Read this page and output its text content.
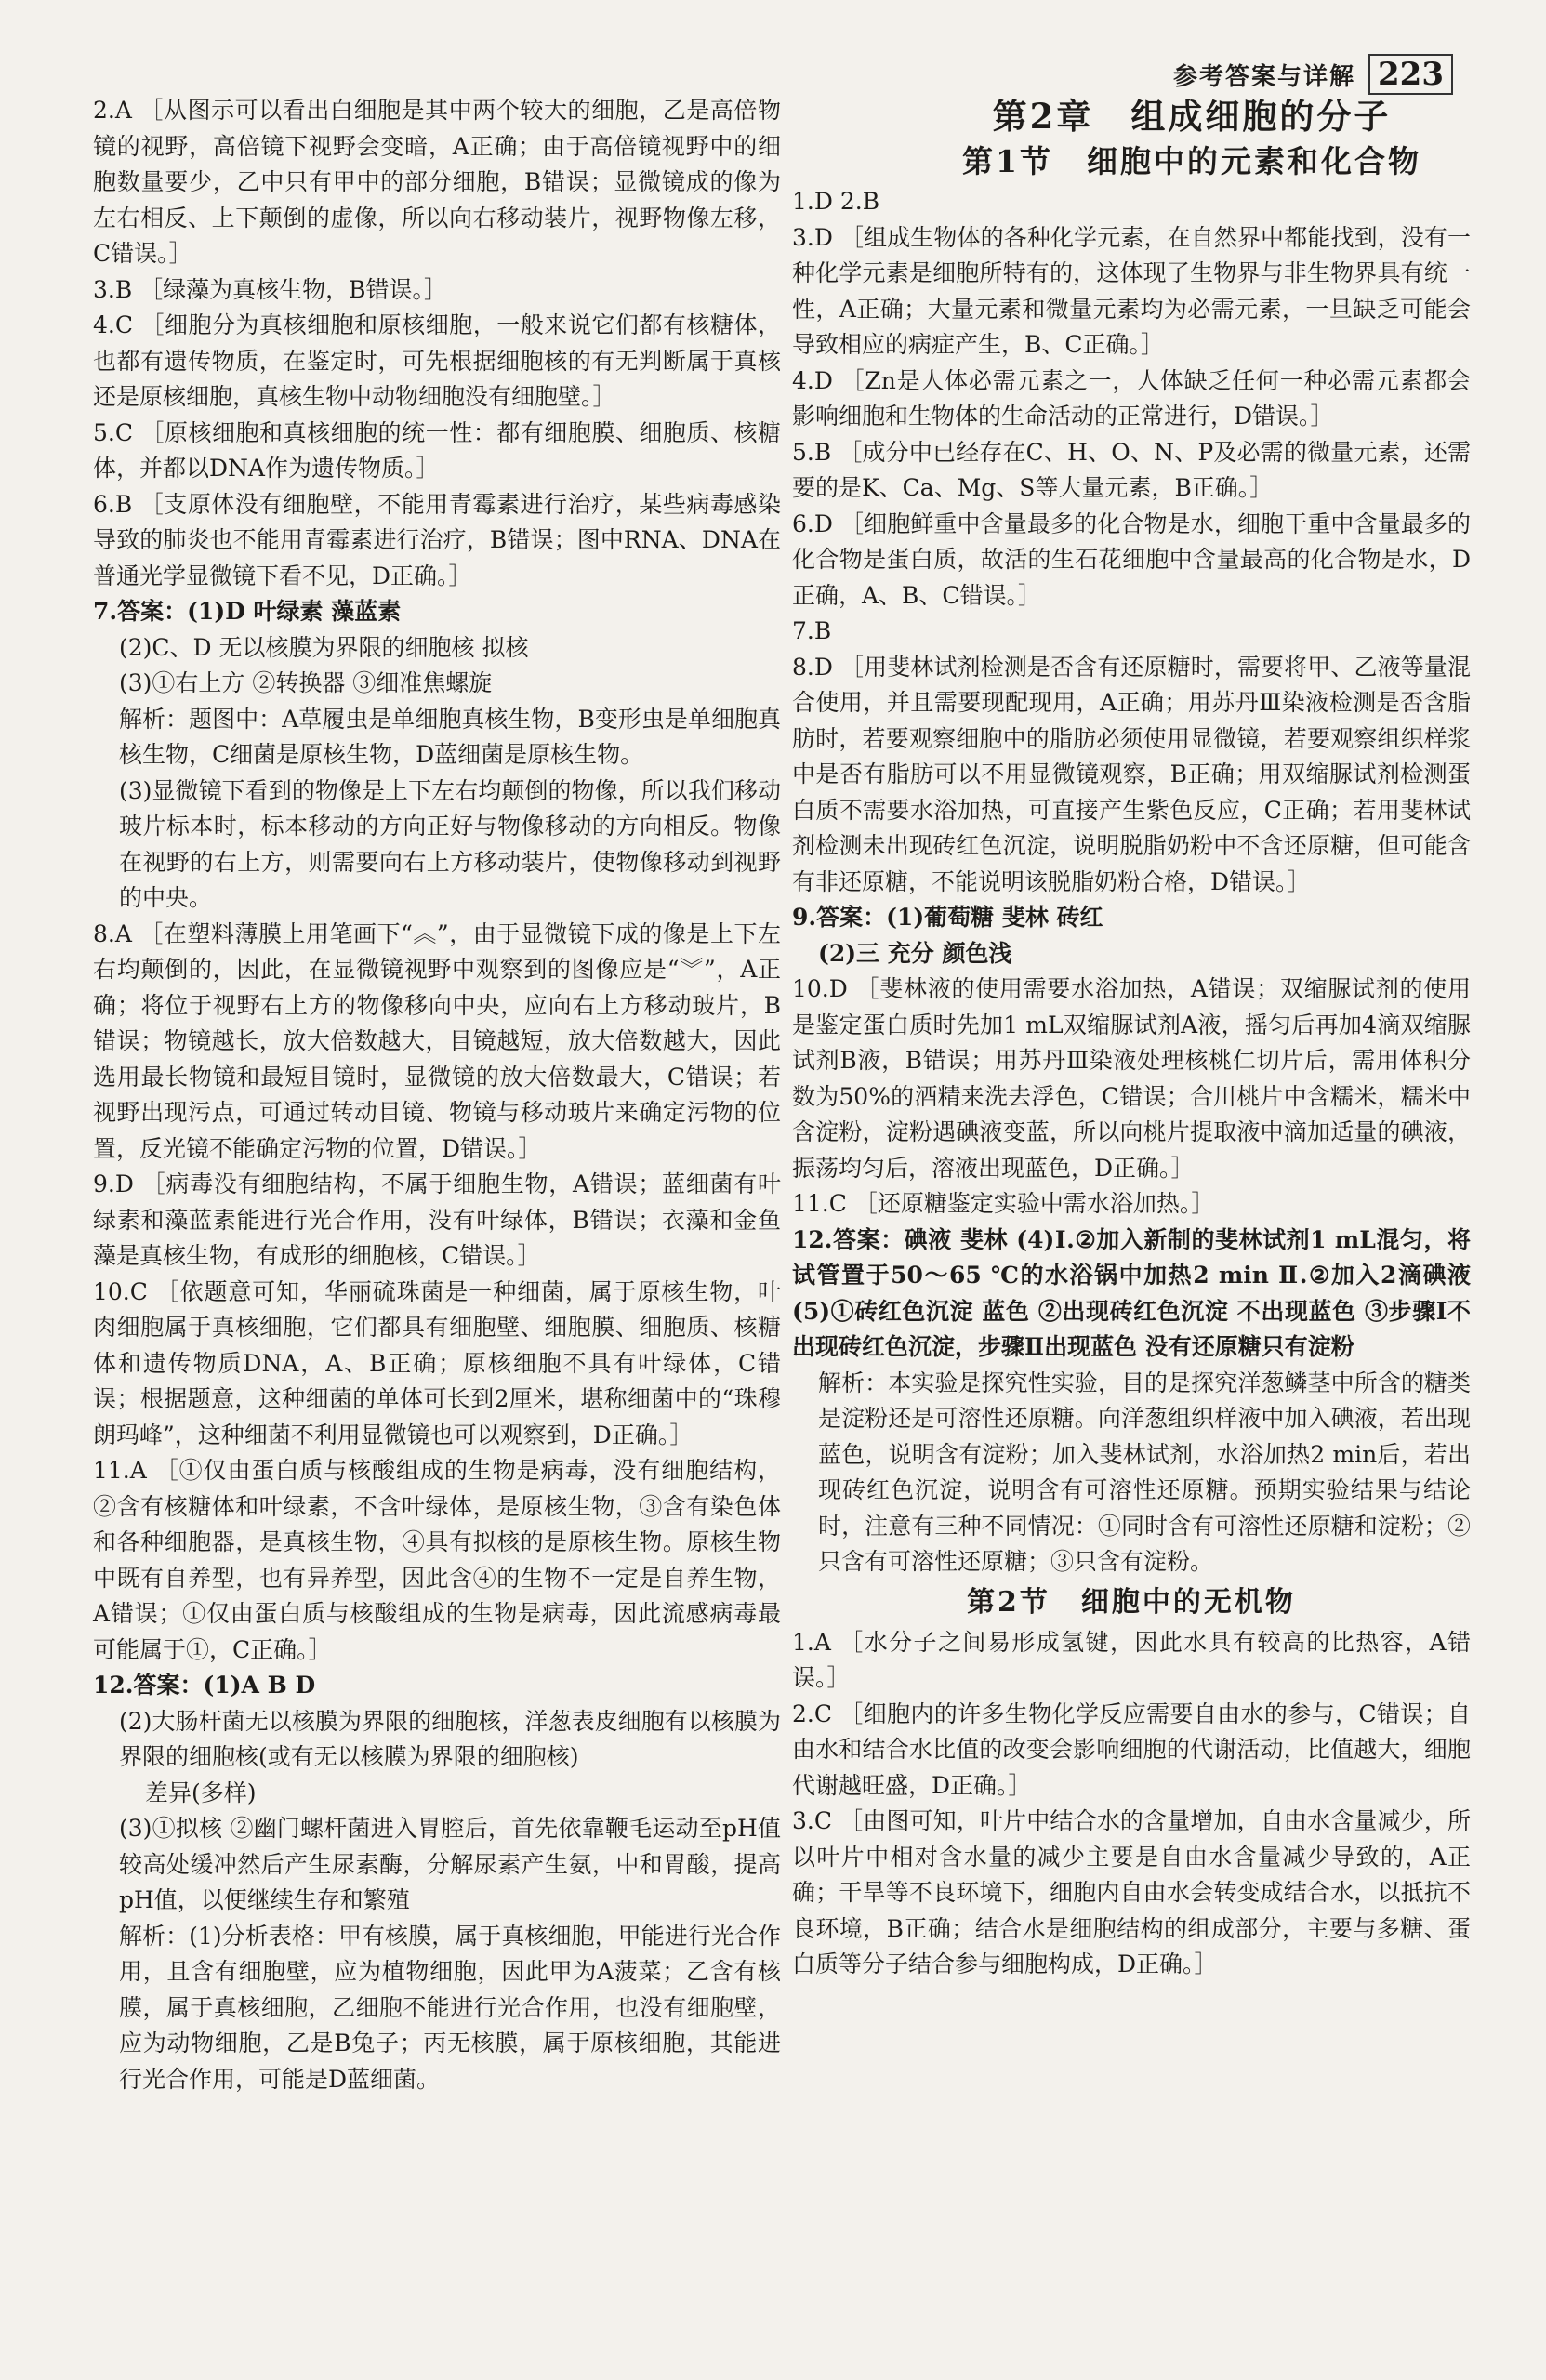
参考答案与详解 223
2.A ［从图示可以看出白细胞是其中两个较大的细胞，乙是高倍物镜的视野，高倍镜下视野会变暗，A正确；由于高倍镜视野中的细胞数量要少，乙中只有甲中的部分细胞，B错误；显微镜成的像为左右相反、上下颠倒的虚像，所以向右移动装片，视野物像左移，C错误。］
3.B ［绿藻为真核生物，B错误。］
4.C ［细胞分为真核细胞和原核细胞，一般来说它们都有核糖体，也都有遗传物质，在鉴定时，可先根据细胞核的有无判断属于真核还是原核细胞，真核生物中动物细胞没有细胞壁。］
5.C ［原核细胞和真核细胞的统一性：都有细胞膜、细胞质、核糖体，并都以DNA作为遗传物质。］
6.B ［支原体没有细胞壁，不能用青霉素进行治疗，某些病毒感染导致的肺炎也不能用青霉素进行治疗，B错误；图中RNA、DNA在普通光学显微镜下看不见，D正确。］
7.答案：(1)D 叶绿素 藻蓝素
(2)C、D 无以核膜为界限的细胞核 拟核
(3)①右上方 ②转换器 ③细准焦螺旋
解析：题图中：A草履虫是单细胞真核生物，B变形虫是单细胞真核生物，C细菌是原核生物，D蓝细菌是原核生物。
(3)显微镜下看到的物像是上下左右均颠倒的物像，所以我们移动玻片标本时，标本移动的方向正好与物像移动的方向相反。物像在视野的右上方，则需要向右上方移动装片，使物像移动到视野的中央。
8.A ［在塑料薄膜上用笔画下“︽”，由于显微镜下成的像是上下左右均颠倒的，因此，在显微镜视野中观察到的图像应是“︾”，A正确；将位于视野右上方的物像移向中央，应向右上方移动玻片，B错误；物镜越长，放大倍数越大，目镜越短，放大倍数越大，因此选用最长物镜和最短目镜时，显微镜的放大倍数最大，C错误；若视野出现污点，可通过转动目镜、物镜与移动玻片来确定污物的位置，反光镜不能确定污物的位置，D错误。］
9.D ［病毒没有细胞结构，不属于细胞生物，A错误；蓝细菌有叶绿素和藻蓝素能进行光合作用，没有叶绿体，B错误；衣藻和金鱼藻是真核生物，有成形的细胞核，C错误。］
10.C ［依题意可知，华丽硫珠菌是一种细菌，属于原核生物，叶肉细胞属于真核细胞，它们都具有细胞壁、细胞膜、细胞质、核糖体和遗传物质DNA，A、B正确；原核细胞不具有叶绿体，C错误；根据题意，这种细菌的单体可长到2厘米，堪称细菌中的“珠穆朗玛峰”，这种细菌不利用显微镜也可以观察到，D正确。］
11.A ［①仅由蛋白质与核酸组成的生物是病毒，没有细胞结构，②含有核糖体和叶绿素，不含叶绿体，是原核生物，③含有染色体和各种细胞器，是真核生物，④具有拟核的是原核生物。原核生物中既有自养型，也有异养型，因此含④的生物不一定是自养生物，A错误；①仅由蛋白质与核酸组成的生物是病毒，因此流感病毒最可能属于①，C正确。］
12.答案：(1)A B D
(2)大肠杆菌无以核膜为界限的细胞核，洋葱表皮细胞有以核膜为界限的细胞核(或有无以核膜为界限的细胞核)
差异(多样)
(3)①拟核 ②幽门螺杆菌进入胃腔后，首先依靠鞭毛运动至pH值较高处缓冲然后产生尿素酶，分解尿素产生氨，中和胃酸，提高pH值，以便继续生存和繁殖
解析：(1)分析表格：甲有核膜，属于真核细胞，甲能进行光合作用，且含有细胞壁，应为植物细胞，因此甲为A菠菜；乙含有核膜，属于真核细胞，乙细胞不能进行光合作用，也没有细胞壁，应为动物细胞，乙是B兔子；丙无核膜，属于原核细胞，其能进行光合作用，可能是D蓝细菌。
第2章　组成细胞的分子
第1节　细胞中的元素和化合物
1.D 2.B
3.D ［组成生物体的各种化学元素，在自然界中都能找到，没有一种化学元素是细胞所特有的，这体现了生物界与非生物界具有统一性，A正确；大量元素和微量元素均为必需元素，一旦缺乏可能会导致相应的病症产生，B、C正确。］
4.D ［Zn是人体必需元素之一，人体缺乏任何一种必需元素都会影响细胞和生物体的生命活动的正常进行，D错误。］
5.B ［成分中已经存在C、H、O、N、P及必需的微量元素，还需要的是K、Ca、Mg、S等大量元素，B正确。］
6.D ［细胞鲜重中含量最多的化合物是水，细胞干重中含量最多的化合物是蛋白质，故活的生石花细胞中含量最高的化合物是水，D正确，A、B、C错误。］
7.B
8.D ［用斐林试剂检测是否含有还原糖时，需要将甲、乙液等量混合使用，并且需要现配现用，A正确；用苏丹Ⅲ染液检测是否含脂肪时，若要观察细胞中的脂肪必须使用显微镜，若要观察组织样浆中是否有脂肪可以不用显微镜观察，B正确；用双缩脲试剂检测蛋白质不需要水浴加热，可直接产生紫色反应，C正确；若用斐林试剂检测未出现砖红色沉淀，说明脱脂奶粉中不含还原糖，但可能含有非还原糖，不能说明该脱脂奶粉合格，D错误。］
9.答案：(1)葡萄糖 斐林 砖红
(2)三 充分 颜色浅
10.D ［斐林液的使用需要水浴加热，A错误；双缩脲试剂的使用是鉴定蛋白质时先加1 mL双缩脲试剂A液，摇匀后再加4滴双缩脲试剂B液，B错误；用苏丹Ⅲ染液处理核桃仁切片后，需用体积分数为50%的酒精来洗去浮色，C错误；合川桃片中含糯米，糯米中含淀粉，淀粉遇碘液变蓝，所以向桃片提取液中滴加适量的碘液，振荡均匀后，溶液出现蓝色，D正确。］
11.C ［还原糖鉴定实验中需水浴加热。］
12.答案：碘液 斐林 (4)Ⅰ.②加入新制的斐林试剂1 mL混匀，将试管置于50～65 ℃的水浴锅中加热2 min Ⅱ.②加入2滴碘液 (5)①砖红色沉淀 蓝色 ②出现砖红色沉淀 不出现蓝色 ③步骤Ⅰ不出现砖红色沉淀，步骤Ⅱ出现蓝色 没有还原糖只有淀粉
解析：本实验是探究性实验，目的是探究洋葱鳞茎中所含的糖类是淀粉还是可溶性还原糖。向洋葱组织样液中加入碘液，若出现蓝色，说明含有淀粉；加入斐林试剂，水浴加热2 min后，若出现砖红色沉淀，说明含有可溶性还原糖。预期实验结果与结论时，注意有三种不同情况：①同时含有可溶性还原糖和淀粉；②只含有可溶性还原糖；③只含有淀粉。
第2节　细胞中的无机物
1.A ［水分子之间易形成氢键，因此水具有较高的比热容，A错误。］
2.C ［细胞内的许多生物化学反应需要自由水的参与，C错误；自由水和结合水比值的改变会影响细胞的代谢活动，比值越大，细胞代谢越旺盛，D正确。］
3.C ［由图可知，叶片中结合水的含量增加，自由水含量减少，所以叶片中相对含水量的减少主要是自由水含量减少导致的，A正确；干旱等不良环境下，细胞内自由水会转变成结合水，以抵抗不良环境，B正确；结合水是细胞结构的组成部分，主要与多糖、蛋白质等分子结合参与细胞构成，D正确。］
